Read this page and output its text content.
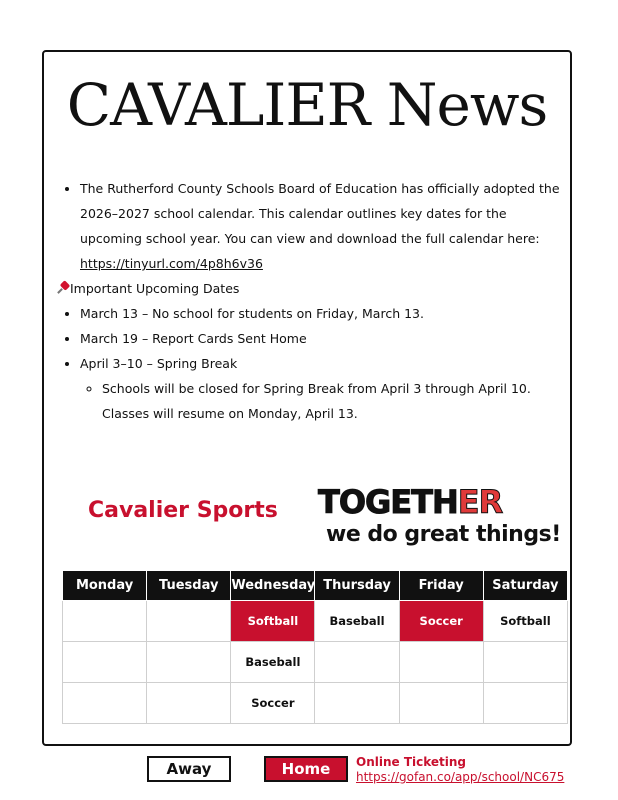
CAVALIER News
• The Rutherford County Schools Board of Education has officially adopted the 2026–2027 school calendar. This calendar outlines key dates for the upcoming school year. You can view and download the full calendar here: https://tinyurl.com/4p8h6v36
Important Upcoming Dates
• March 13 – No school for students on Friday, March 13.
• March 19 – Report Cards Sent Home
• April 3–10 – Spring Break
◦ Schools will be closed for Spring Break from April 3 through April 10. Classes will resume on Monday, April 13.
Cavalier Sports TOGETHER
we do great things!
Monday	Tuesday	Wednesday	Thursday	Friday	Saturday
		Softball	Baseball	Soccer	Softball
		Baseball			
		Soccer			
Away	Home	Online Ticketing
https://gofan.co/app/school/NC675
